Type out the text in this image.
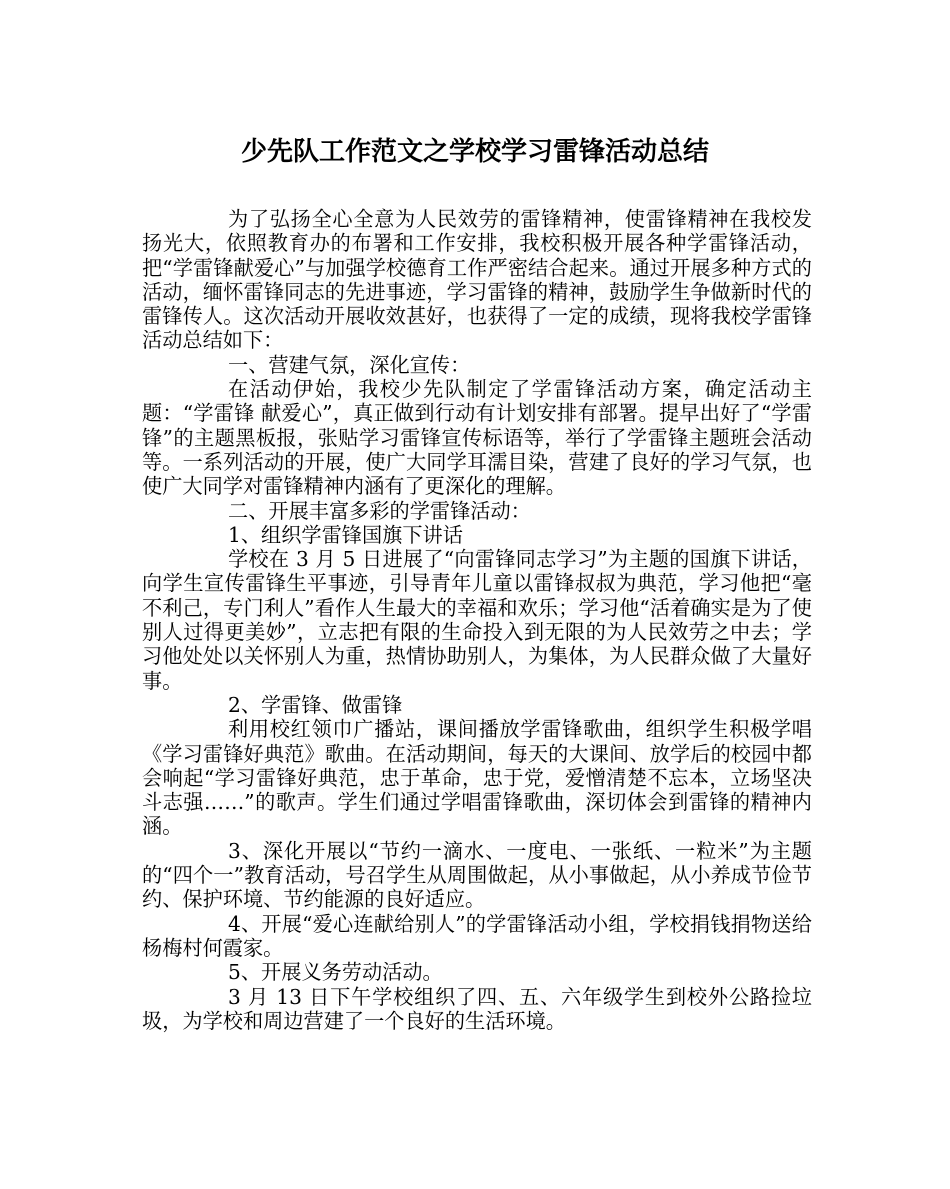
少先队工作范文之学校学习雷锋活动总结

为了弘扬全心全意为人民效劳的雷锋精神，使雷锋精神在我校发扬光大，依照教育办的布署和工作安排，我校积极开展各种学雷锋活动，把“学雷锋献爱心”与加强学校德育工作严密结合起来。通过开展多种方式的活动，缅怀雷锋同志的先进事迹，学习雷锋的精神，鼓励学生争做新时代的雷锋传人。这次活动开展收效甚好，也获得了一定的成绩，现将我校学雷锋活动总结如下：

一、营建气氛，深化宣传：

在活动伊始，我校少先队制定了学雷锋活动方案，确定活动主题：“学雷锋 献爱心”，真正做到行动有计划安排有部署。提早出好了“学雷锋”的主题黑板报，张贴学习雷锋宣传标语等，举行了学雷锋主题班会活动等。一系列活动的开展，使广大同学耳濡目染，营建了良好的学习气氛，也使广大同学对雷锋精神内涵有了更深化的理解。

二、开展丰富多彩的学雷锋活动：

1、组织学雷锋国旗下讲话

学校在 3 月 5 日进展了“向雷锋同志学习”为主题的国旗下讲话，向学生宣传雷锋生平事迹，引导青年儿童以雷锋叔叔为典范，学习他把“毫不利己，专门利人”看作人生最大的幸福和欢乐；学习他“活着确实是为了使别人过得更美妙”，立志把有限的生命投入到无限的为人民效劳之中去；学习他处处以关怀别人为重，热情协助别人，为集体，为人民群众做了大量好事。

2、学雷锋、做雷锋

利用校红领巾广播站，课间播放学雷锋歌曲，组织学生积极学唱《学习雷锋好典范》歌曲。在活动期间，每天的大课间、放学后的校园中都会响起“学习雷锋好典范，忠于革命，忠于党，爱憎清楚不忘本，立场坚决斗志强……”的歌声。学生们通过学唱雷锋歌曲，深切体会到雷锋的精神内涵。

3、深化开展以“节约一滴水、一度电、一张纸、一粒米”为主题的“四个一”教育活动，号召学生从周围做起，从小事做起，从小养成节俭节约、保护环境、节约能源的良好适应。

4、开展“爱心连献给别人”的学雷锋活动小组，学校捐钱捐物送给杨梅村何霞家。

5、开展义务劳动活动。

3 月 13 日下午学校组织了四、五、六年级学生到校外公路捡垃圾，为学校和周边营建了一个良好的生活环境。
